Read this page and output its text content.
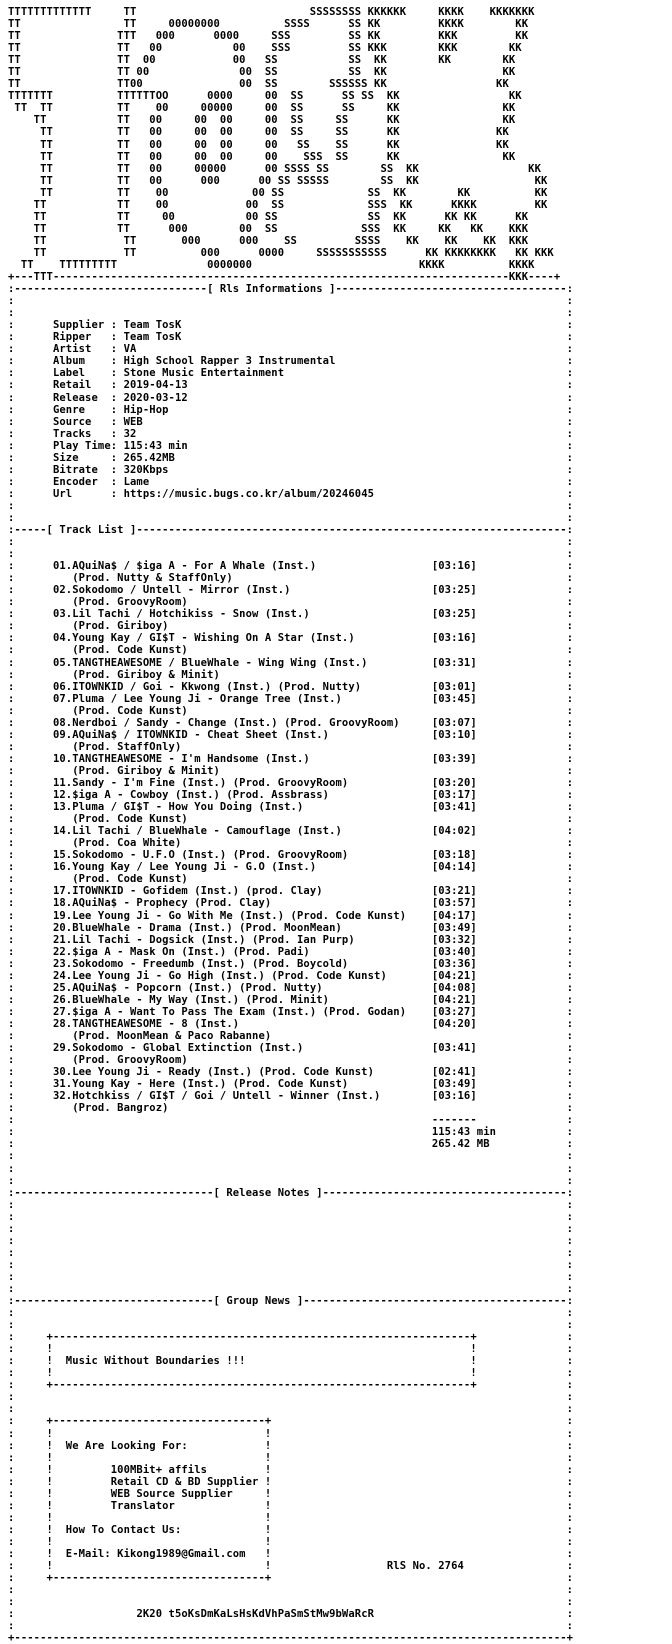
TTTTTTTTTTTTT     TT                           SSSSSSSS KKKKKK     KKKK    KKKKKKK
TT                TT     00000000          SSSS      SS KK         KKKK        KK
TT               TTT   000      0000     SSS         SS KK         KKK         KK
TT               TT   00           00    SSS         SS KKK        KKK        KK
TT               TT  00            00   SS           SS  KK        KK        KK
TT               TT 00              00  SS           SS  KK                  KK
TT               TT00               00  SS        SSSSSS KK                 KK
TTTTTTT          TTTTTTOO      0000     00  SS      SS SS  KK                 KK
TT  TT          TT    00     00000     00  SS      SS     KK                KK
TT           TT   00     00  00     00  SS     SS      KK                KK
TT          TT   00     00  00     00  SS     SS      KK               KK
TT          TT   00     00  00     00   SS    SS      KK               KK
TT          TT   00     00  00     00    SSS  SS      KK                KK
TT          TT   00     00000      00 SSSS SS        SS  KK                 KK
TT          TT   00      000      00 SS SSSSS        SS  KK                  KK
TT          TT    00             00 SS             SS  KK        KK          KK
TT           TT    00            00  SS             SSS  KK      KKKK         KK
TT           TT     00           00 SS              SS  KK      KK KK      KK
TT           TT      000        00  SS             SSS  KK     KK   KK    KKK
TT            TT       000      000    SS         SSSS    KK    KK    KK  KKK
TT            TT          000      0000     SSSSSSSSSSS      KK KKKKKKKK   KK KKK
TT    TTTTTTTTT              0000000                          KKKK          KKKK
+---TTT-----------------------------------------------------------------------KKK----+
:------------------------------[ Rls Informations ]------------------------------------:
:                                                                                      :
:                                                                                      :
:	Supplier : Team TosK                                                            :
:	Ripper   : Team TosK                                                            :
:	Artist   : VA                                                                   :
:	Album    : High School Rapper 3 Instrumental                                    :
:	Label    : Stone Music Entertainment                                            :
:	Retail   : 2019-04-13                                                           :
:	Release  : 2020-03-12                                                           :
:	Genre    : Hip-Hop                                                              :
:	Source   : WEB                                                                  :
:	Tracks   : 32                                                                   :
:	Play Time: 115:43 min                                                           :
:	Size     : 265.42MB                                                             :
:	Bitrate  : 320Kbps                                                              :
:	Encoder  : Lame                                                                 :
:	Url      : https://music.bugs.co.kr/album/20246045                              :
:                                                                                      :
:                                                                                      :
:-----[ Track List ]-------------------------------------------------------------------:
:                                                                                      :
:                                                                                      :
:	01.AQuiNa$ / $iga A - For A Whale (Inst.)	[03:16]              :
:	(Prod. Nutty & StaffOnly)                                                    :
:	02.Sokodomo / Untell - Mirror (Inst.)	[03:25]              :
:	(Prod. GroovyRoom)                                                           :
:	03.Lil Tachi / Hotchikiss - Snow (Inst.)	[03:25]              :
:	(Prod. Giriboy)                                                              :
:	04.Young Kay / GI$T - Wishing On A Star (Inst.)	[03:16]              :
:	(Prod. Code Kunst)                                                           :
:	05.TANGTHEAWESOME / BlueWhale - Wing Wing (Inst.)	[03:31]              :
:	(Prod. Giriboy & Minit)                                                      :
:	06.ITOWNKID / Goi - Kkwong (Inst.) (Prod. Nutty)	[03:01]              :
:	07.Pluma / Lee Young Ji - Orange Tree (Inst.)	[03:45]              :
:	(Prod. Code Kunst)                                                           :
:	08.Nerdboi / Sandy - Change (Inst.) (Prod. GroovyRoom)	[03:07]              :
:	09.AQuiNa$ / ITOWNKID - Cheat Sheet (Inst.)	[03:10]              :
:	(Prod. StaffOnly)                                                            :
:	10.TANGTHEAWESOME - I'm Handsome (Inst.)	[03:39]              :
:	(Prod. Giriboy & Minit)                                                      :
:	11.Sandy - I'm Fine (Inst.) (Prod. GroovyRoom)	[03:20]              :
:	12.$iga A - Cowboy (Inst.) (Prod. Assbrass)	[03:17]              :
:	13.Pluma / GI$T - How You Doing (Inst.)	[03:41]              :
:	(Prod. Code Kunst)                                                           :
:	14.Lil Tachi / BlueWhale - Camouflage (Inst.)	[04:02]              :
:	(Prod. Coa White)                                                            :
:	15.Sokodomo - U.F.O (Inst.) (Prod. GroovyRoom)	[03:18]              :
:	16.Young Kay / Lee Young Ji - G.O (Inst.)	[04:14]              :
:	(Prod. Code Kunst)                                                           :
:	17.ITOWNKID - Gofidem (Inst.) (prod. Clay)	[03:21]              :
:	18.AQuiNa$ - Prophecy (Prod. Clay)	[03:57]              :
:	19.Lee Young Ji - Go With Me (Inst.) (Prod. Code Kunst) [04:17]              :
:	20.BlueWhale - Drama (Inst.) (Prod. MoonMean)	[03:49]              :
:	21.Lil Tachi - Dogsick (Inst.) (Prod. Ian Purp)	[03:32]              :
:	22.$iga A - Mask On (Inst.) (Prod. Padi)	[03:40]              :
:	23.Sokodomo - Freedumb (Inst.) (Prod. Boycold)	[03:36]              :
:	24.Lee Young Ji - Go High (Inst.) (Prod. Code Kunst)	[04:21]              :
:	25.AQuiNa$ - Popcorn (Inst.) (Prod. Nutty)	[04:08]              :
:	26.BlueWhale - My Way (Inst.) (Prod. Minit)	[04:21]              :
:	27.$iga A - Want To Pass The Exam (Inst.) (Prod. Godan) [03:27]              :
:	28.TANGTHEAWESOME - 8 (Inst.)	[04:20]              :
:	(Prod. MoonMean & Paco Rabanne)                                              :
:	29.Sokodomo - Global Extinction (Inst.)	[03:41]              :
:	(Prod. GroovyRoom)                                                           :
:	30.Lee Young Ji - Ready (Inst.) (Prod. Code Kunst)	[02:41]              :
:	31.Young Kay - Here (Inst.) (Prod. Code Kunst)	[03:49]              :
:	32.Hotchkiss / GI$T / Goi / Untell - Winner (Inst.)	[03:16]              :
:	(Prod. Bangroz)                                                              :
:	-------              :
:	115:43 min           :
:	265.42 MB            :
:                                                                                      :
:                                                                                      :
:                                                                                      :
:-------------------------------[ Release Notes ]--------------------------------------:
:                                                                                      :
:                                                                                      :
:                                                                                      :
:                                                                                      :
:                                                                                      :
:                                                                                      :
:                                                                                      :
:                                                                                      :
:-------------------------------[ Group News ]-----------------------------------------:
:                                                                                      :
:                                                                                      :
:	+-----------------------------------------------------------------+              :
:	!                                                                 !              :
:	!  Music Without Boundaries !!!                                   !              :
:	!                                                                 !              :
:	+-----------------------------------------------------------------+              :
:                                                                                      :
:                                                                                      :
:	+---------------------------------+                                              :
:	!                                 !                                              :
:	!  We Are Looking For:            !                                              :
:	!                                 !                                              :
:	!         100MBit+ affils         !                                              :
:	!         Retail CD & BD Supplier !                                              :
:	!         WEB Source Supplier     !                                              :
:	!         Translator              !                                              :
:	!                                 !                                              :
:	!  How To Contact Us:             !                                              :
:	!                                 !                                              :
:	!  E-Mail: Kikong1989@Gmail.com   !                                              :
:	!                                 !	RlS No. 2764                :
:	+---------------------------------+                                              :
:                                                                                      :
:                                                                                      :
:	2K20 t5oKsDmKaLsHsKdVhPaSmStMw9bWaRcR                              :
:                                                                                      :
+--------------------------------------------------------------------------------------+
